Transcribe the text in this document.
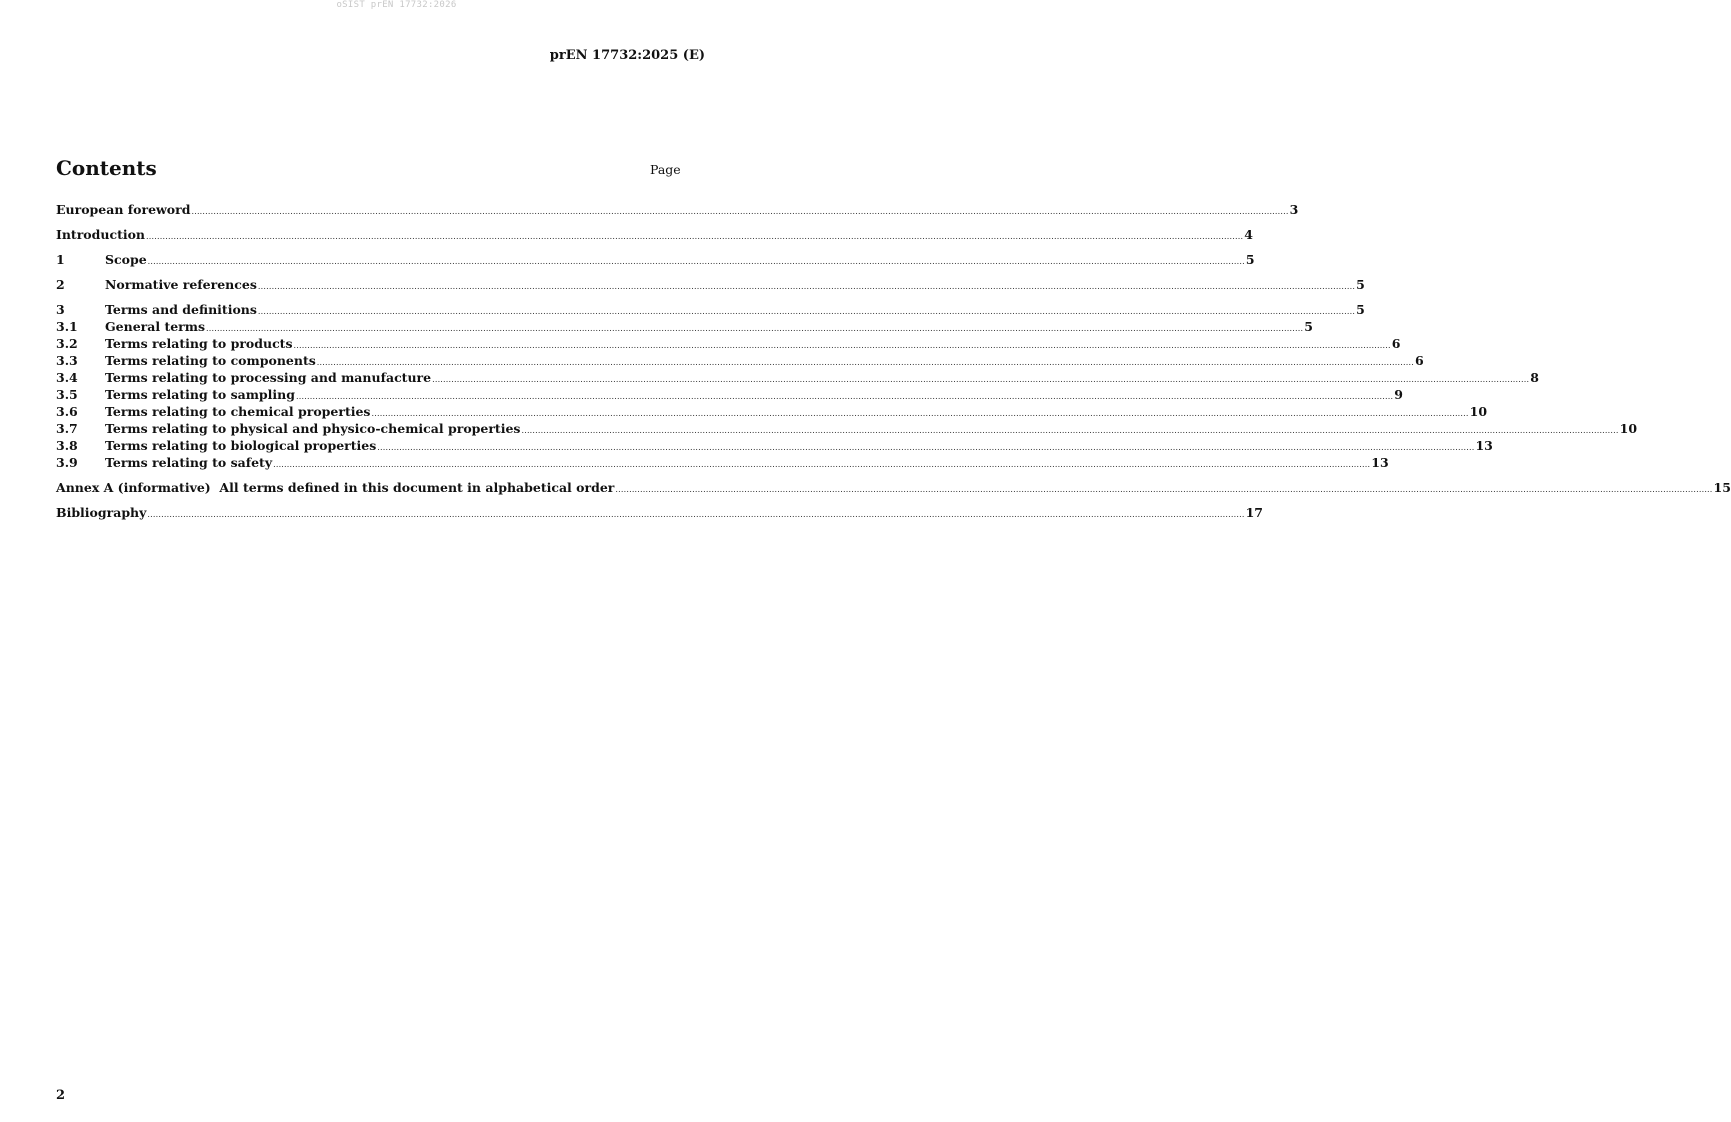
oSIST prEN 17732:2026
prEN 17732:2025 (E)
Contents	Page
European foreword ................................................................................................................................................................................................................................................................................................................................................................................................................ 3
Introduction ................................................................................................................................................................................................................................................................................................................................................................................................................ 4
1	Scope ................................................................................................................................................................................................................................................................................................................................................................................................................ 5
2	Normative references ................................................................................................................................................................................................................................................................................................................................................................................................................ 5
3	Terms and definitions ................................................................................................................................................................................................................................................................................................................................................................................................................ 5
3.1	General terms ................................................................................................................................................................................................................................................................................................................................................................................................................ 5
3.2	Terms relating to products ................................................................................................................................................................................................................................................................................................................................................................................................................ 6
3.3	Terms relating to components ................................................................................................................................................................................................................................................................................................................................................................................................................ 6
3.4	Terms relating to processing and manufacture ................................................................................................................................................................................................................................................................................................................................................................................................................ 8
3.5	Terms relating to sampling ................................................................................................................................................................................................................................................................................................................................................................................................................ 9
3.6	Terms relating to chemical properties ................................................................................................................................................................................................................................................................................................................................................................................................................ 10
3.7	Terms relating to physical and physico-chemical properties ................................................................................................................................................................................................................................................................................................................................................................................................................ 10
3.8	Terms relating to biological properties ................................................................................................................................................................................................................................................................................................................................................................................................................ 13
3.9	Terms relating to safety ................................................................................................................................................................................................................................................................................................................................................................................................................ 13
Annex A (informative)  All terms defined in this document in alphabetical order ................................................................................................................................................................................................................................................................................................................................................................................................................ 15
Bibliography ................................................................................................................................................................................................................................................................................................................................................................................................................ 17
2
